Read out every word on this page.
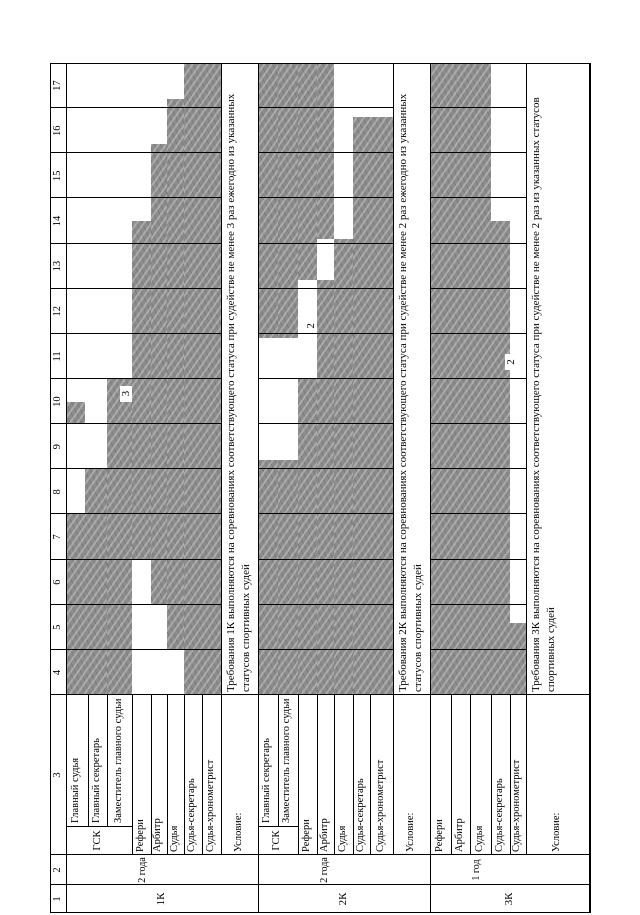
1
2
3
4
5
6
7
8
9
10
11
12
13
14
15
16
17
1К
2 года
ГСК
Главный судья Главный секретарь Заместитель главного судьи
Рефери Арбитр Судья Судья-секретарь Судья-хронометрист
3
Условие:
Требования 1К выполняются на соревнованиях соответствующего статуса при судействе не менее 3 раз ежегодно из указанных статусов спортивных судей
2К
2 года
ГСК
Главный секретарь Заместитель главного судьи
Рефери Арбитр Судья Судья-секретарь Судья-хронометрист
2
Условие:
Требования 2К выполняются на соревнованиях соответствующего статуса при судействе не менее 2 раз ежегодно из указанных статусов спортивных судей
3К
1 год
Рефери Арбитр Судья Судья-секретарь Судья-хронометрист
2
Условие:
Требования 3К выполняются на соревнованиях соответствующего статуса при судействе не менее 2 раз из указанных статусов спортивных судей
